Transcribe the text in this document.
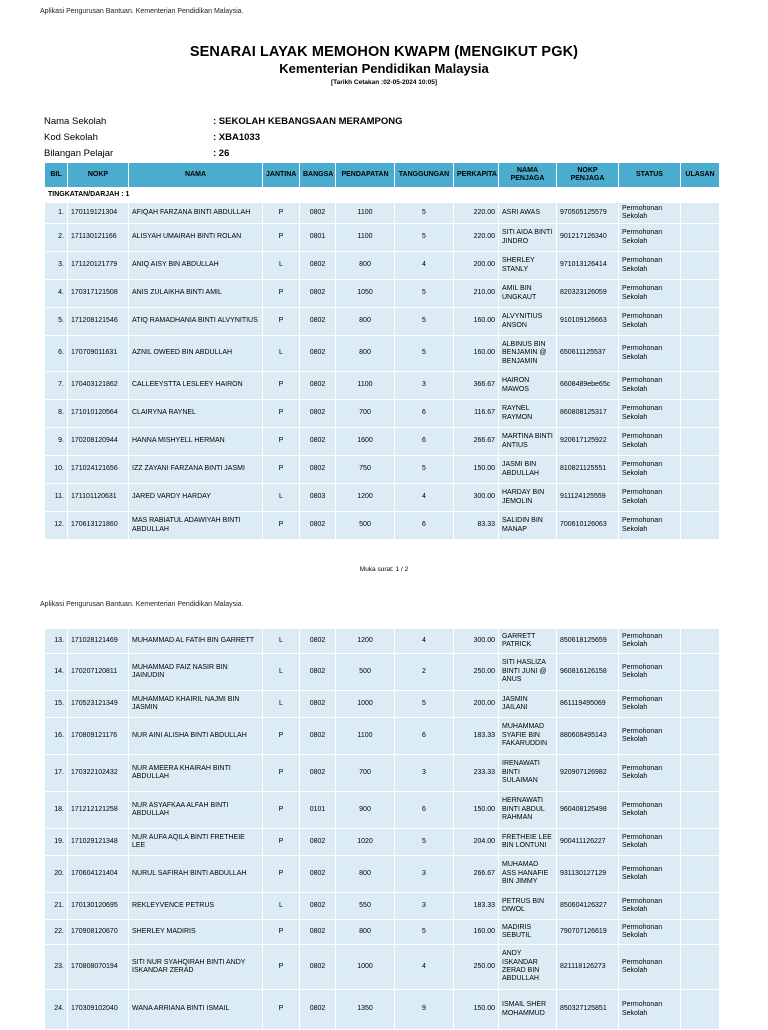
Aplikasi Pengurusan Bantuan. Kementerian Pendidikan Malaysia.
SENARAI LAYAK MEMOHON KWAPM (MENGIKUT PGK)
Kementerian Pendidikan Malaysia
[Tarikh Cetakan :02-05-2024 10:05]
Nama Sekolah	: SEKOLAH KEBANGSAAN MERAMPONG
Kod Sekolah	: XBA1033
Bilangan Pelajar	: 26
BIL	NOKP	NAMA	JANTINA	BANGSA	PENDAPATAN	TANGGUNGAN	PERKAPITA	NAMA PENJAGA	NOKP PENJAGA	STATUS	ULASAN
TINGKATAN/DARJAH : 1											
1.	170119121304	AFIQAH FARZANA BINTI ABDULLAH	P	0802	1100	5	220.00	ASRI AWAS	970505125579	Permohonan Sekolah	
2.	171130121166	ALISYAH UMAIRAH BINTI ROLAN	P	0801	1100	5	220.00	SITI AIDA BINTI JINDRO	901217126340	Permohonan Sekolah	
3.	171120121779	ANIQ AISY BIN ABDULLAH	L	0802	800	4	200.00	SHERLEY STANLY	971013126414	Permohonan Sekolah	
4.	170317121508	ANIS ZULAIKHA BINTI AMIL	P	0802	1050	5	210.00	AMIL BIN UNGKAUT	820323126059	Permohonan Sekolah	
5.	171208121546	ATIQ RAMADHANIA BINTI ALVYNITIUS	P	0802	800	5	160.00	ALVYNITIUS ANSON	910109126663	Permohonan Sekolah	
6.	170709011631	AZNIL OWEED BIN ABDULLAH	L	0802	800	5	160.00	ALBINUS BIN BENJAMIN @ BENJAMIN	650611125537	Permohonan Sekolah	
7.	170403121862	CALLEEYSTTA LESLEEY HAIRON	P	0802	1100	3	366.67	HAIRON MAWOS	6608489ebe65c	Permohonan Sekolah	
8.	171010120564	CLAIRYNA RAYNEL	P	0802	700	6	116.67	RAYNEL RAYMON	860808125317	Permohonan Sekolah	
9.	170208120944	HANNA MISHYELL HERMAN	P	0802	1600	6	266.67	MARTINA BINTI ANTIUS	920617125922	Permohonan Sekolah	
10.	171024121656	IZZ ZAYANI FARZANA BINTI JASMI	P	0802	750	5	150.00	JASMI BIN ABDULLAH	810821125551	Permohonan Sekolah	
11.	171101120631	JARED VARDY HARDAY	L	0803	1200	4	300.00	HARDAY BIN JEMOLIN	911124125559	Permohonan Sekolah	
12.	170613121860	MAS RABIATUL ADAWIYAH BINTI ABDULLAH	P	0802	500	6	83.33	SALIDIN BIN MANAP	700610126063	Permohonan Sekolah	
Muka surat: 1 / 2
Aplikasi Pengurusan Bantuan. Kementerian Pendidikan Malaysia.
13.	171028121469	MUHAMMAD AL FATIH BIN GARRETT	L	0802	1200	4	300.00	GARRETT PATRICK	850618125659	Permohonan Sekolah	
14.	170207120811	MUHAMMAD FAIZ NASIR BIN JAINUDIN	L	0802	500	2	250.00	SITI HASLIZA BINTI JUNI @ ANUS	960816126158	Permohonan Sekolah	
15.	170523121349	MUHAMMAD KHAIRIL NAJMI BIN JASMIN	L	0802	1000	5	200.00	JASMIN JAILANI	861119495069	Permohonan Sekolah	
16.	170809121176	NUR AINI ALISHA BINTI ABDULLAH	P	0802	1100	6	183.33	MUHAMMAD SYAFIE BIN FAKARUDDIN	880608495143	Permohonan Sekolah	
17.	170322102432	NUR AMEERA KHAIRAH BINTI ABDULLAH	P	0802	700	3	233.33	IRENAWATI BINTI SULAIMAN	920907126982	Permohonan Sekolah	
18.	171212121258	NUR ASYAFKAA ALFAH BINTI ABDULLAH	P	0101	900	6	150.00	HERNAWATI BINTI ABDUL RAHMAN	960408125498	Permohonan Sekolah	
19.	171029121348	NUR AUFA AQILA BINTI FRETHEIE LEE	P	0802	1020	5	204.00	FRETHEIE LEE BIN LONTUNI	900411126227	Permohonan Sekolah	
20.	170604121404	NURUL SAFIRAH BINTI ABDULLAH	P	0802	800	3	266.67	MUHAMAD ASS HANAFIE BIN JIMMY	931130127129	Permohonan Sekolah	
21.	170130120695	REKLEYVENCE PETRUS	L	0802	550	3	183.33	PETRUS BIN DIWOL	850604126327	Permohonan Sekolah	
22.	170908120670	SHERLEY MADIRIS	P	0802	800	5	160.00	MADIRIS SEBUTIL	790707126619	Permohonan Sekolah	
23.	170808070194	SITI NUR SYAHQIRAH BINTI ANDY ISKANDAR ZERAD	P	0802	1000	4	250.00	ANDY ISKANDAR ZERAD BIN ABDULLAH	821118126273	Permohonan Sekolah	
24.	170309102040	WANA ARRIANA BINTI ISMAIL	P	0802	1350	9	150.00	ISMAIL SHER MOHAMMUD	850327125851	Permohonan Sekolah	
